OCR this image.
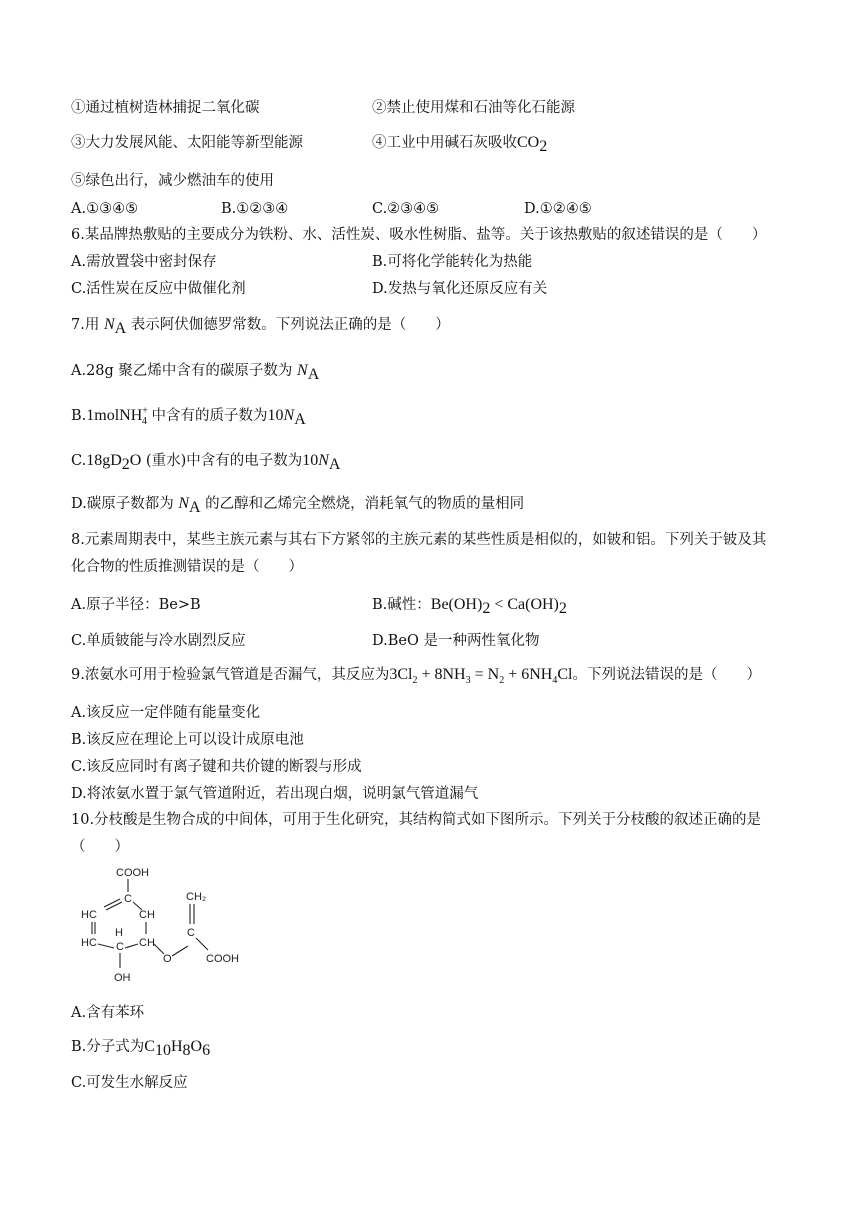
①通过植树造林捕捉二氧化碳	②禁止使用煤和石油等化石能源
③大力发展风能、太阳能等新型能源	④工业中用碱石灰吸收$CO_2$
⑤绿色出行，减少燃油车的使用
A.①③④⑤	B.①②③④	C.②③④⑤	D.①②④⑤
6.某品牌热敷贴的主要成分为铁粉、水、活性炭、吸水性树脂、盐等。关于该热敷贴的叙述错误的是（　　）
A.需放置袋中密封保存	B.可将化学能转化为热能
C.活性炭在反应中做催化剂	D.发热与氧化还原反应有关
7.用 $N_A$ 表示阿伏伽德罗常数。下列说法正确的是（　　）
A.28g 聚乙烯中含有的碳原子数为 $N_A$
B.1molNH+$_4$ 中含有的质子数为$10N_A$
$C.18gD_2O$ (重水)中含有的电子数为$10N_A$
D.碳原子数都为 $N_A$ 的乙醇和乙烯完全燃烧，消耗氧气的物质的量相同
8.元素周期表中，某些主族元素与其右下方紧邻的主族元素的某些性质是相似的，如铍和铝。下列关于铍及其
化合物的性质推测错误的是（　　）
A.原子半径：Be>B	B.碱性：$Be(OH)_2 < Ca(OH)_2$
C.单质铍能与冷水剧烈反应	D.BeO 是一种两性氧化物
9.浓氨水可用于检验氯气管道是否漏气，其反应为$3Cl_2 + 8NH_3 = N_2 + 6NH_4Cl$。下列说法错误的是（　　）
A.该反应一定伴随有能量变化
B.该反应在理论上可以设计成原电池
C.该反应同时有离子键和共价键的断裂与形成
D.将浓氨水置于氯气管道附近，若出现白烟，说明氯气管道漏气
10.分枝酸是生物合成的中间体，可用于生化研究，其结构简式如下图所示。下列关于分枝酸的叙述正确的是
（　　）
COOH
C
HC	CH
HC
H
C CH
OH
O
CH₂
C
COOH
A.含有苯环
B.分子式为$C_{10}H_8O_6$
C.可发生水解反应
